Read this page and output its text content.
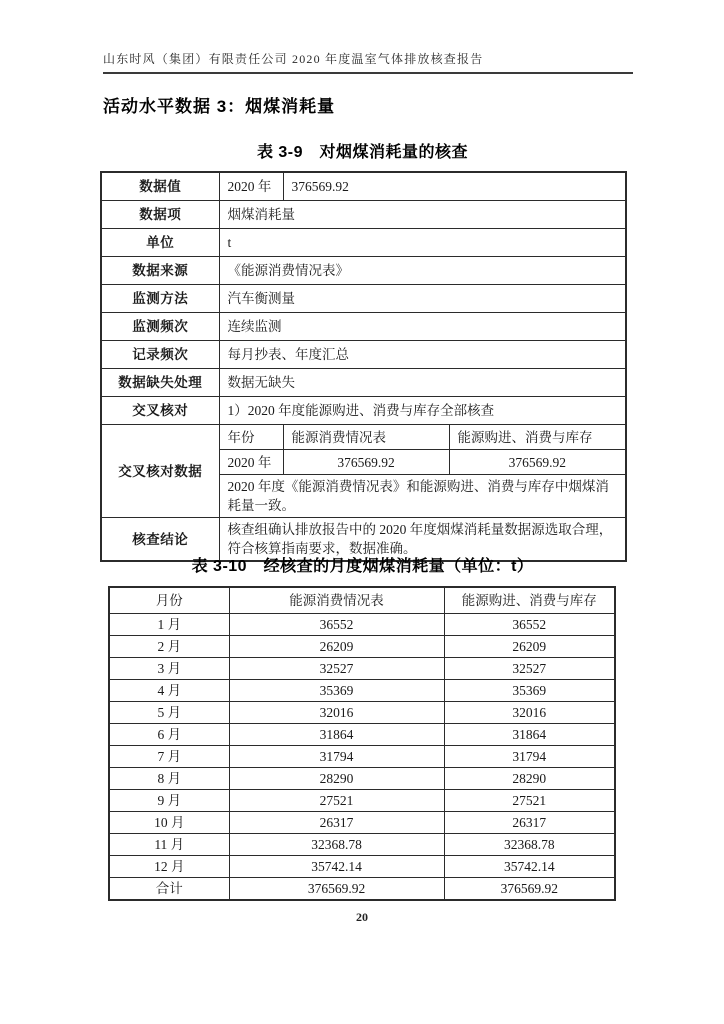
山东时风（集团）有限责任公司 2020 年度温室气体排放核查报告
活动水平数据 3：烟煤消耗量
表 3-9　对烟煤消耗量的核查
数据值	2020 年	376569.92	
数据项	烟煤消耗量		
单位	t		
数据来源	《能源消费情况表》		
监测方法	汽车衡测量		
监测频次	连续监测		
记录频次	每月抄表、年度汇总		
数据缺失处理	数据无缺失		
交叉核对	1）2020 年度能源购进、消费与库存全部核查		
交叉核对数据	年份	能源消费情况表	能源购进、消费与库存
	2020 年	376569.92	376569.92
	2020 年度《能源消费情况表》和能源购进、消费与库存中烟煤消耗量一致。		
核查结论	核查组确认排放报告中的 2020 年度烟煤消耗量数据源选取合理，符合核算指南要求，数据准确。		
表 3-10　经核查的月度烟煤消耗量（单位：t）
月份	能源消费情况表	能源购进、消费与库存
1 月	36552	36552
2 月	26209	26209
3 月	32527	32527
4 月	35369	35369
5 月	32016	32016
6 月	31864	31864
7 月	31794	31794
8 月	28290	28290
9 月	27521	27521
10 月	26317	26317
11 月	32368.78	32368.78
12 月	35742.14	35742.14
合计	376569.92	376569.92
20
